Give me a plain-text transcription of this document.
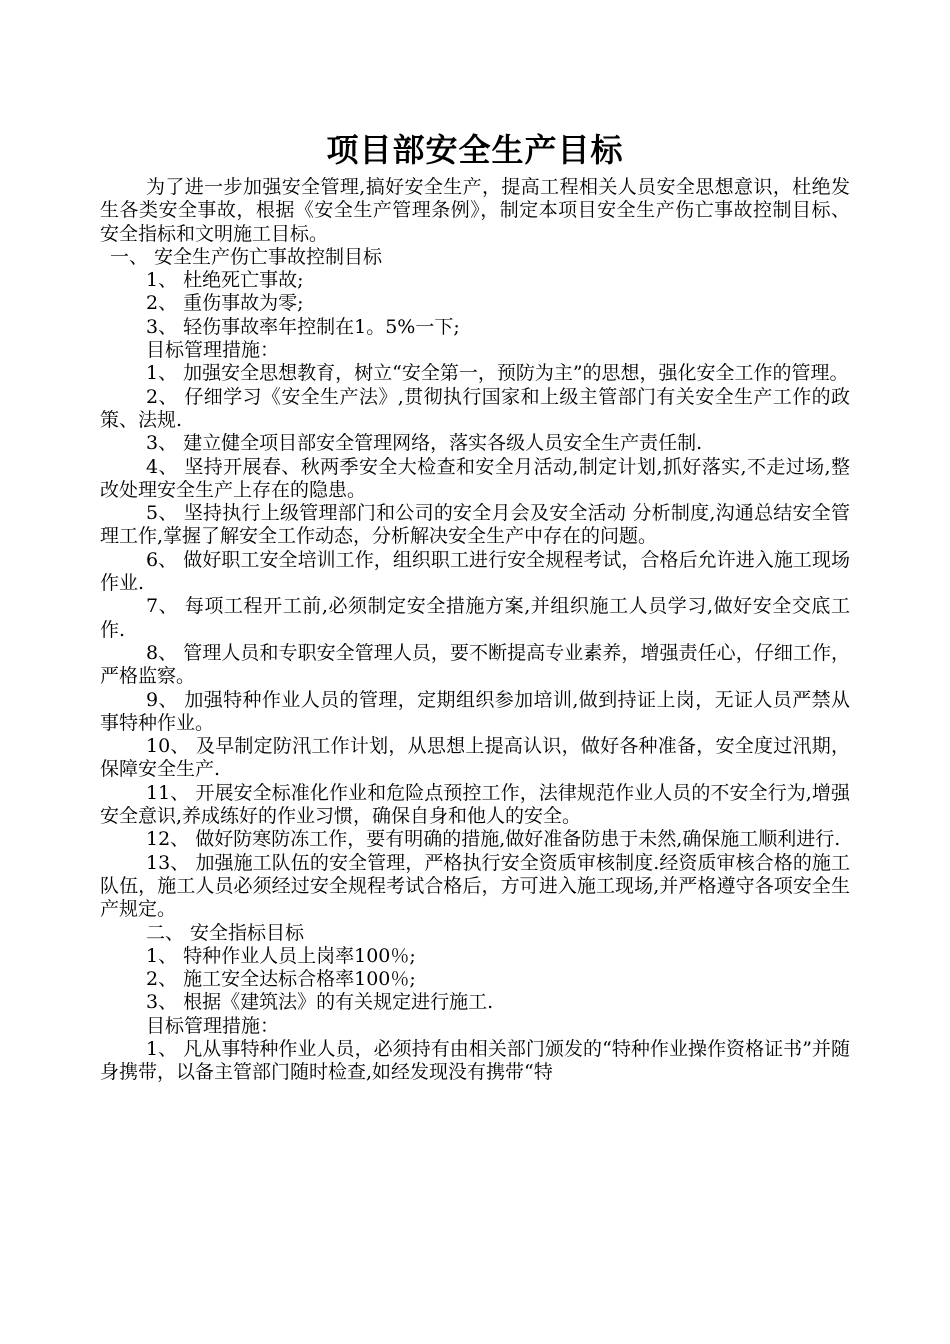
项目部安全生产目标

为了进一步加强安全管理,搞好安全生产，提高工程相关人员安全思想意识，杜绝发生各类安全事故，根据《安全生产管理条例》，制定本项目安全生产伤亡事故控制目标、安全指标和文明施工目标。

一、 安全生产伤亡事故控制目标

1、 杜绝死亡事故;

2、 重伤事故为零;

3、 轻伤事故率年控制在1。5%一下;

目标管理措施：

1、 加强安全思想教育，树立“安全第一，预防为主”的思想，强化安全工作的管理。

2、 仔细学习《安全生产法》,贯彻执行国家和上级主管部门有关安全生产工作的政策、法规.

3、 建立健全项目部安全管理网络，落实各级人员安全生产责任制.

4、 坚持开展春、秋两季安全大检查和安全月活动,制定计划,抓好落实,不走过场,整改处理安全生产上存在的隐患。

5、 坚持执行上级管理部门和公司的安全月会及安全活动 分析制度,沟通总结安全管理工作,掌握了解安全工作动态，分析解决安全生产中存在的问题。

6、 做好职工安全培训工作，组织职工进行安全规程考试，合格后允许进入施工现场作业.

7、 每项工程开工前,必须制定安全措施方案,并组织施工人员学习,做好安全交底工作.

8、 管理人员和专职安全管理人员，要不断提高专业素养，增强责任心，仔细工作，严格监察。

9、 加强特种作业人员的管理，定期组织参加培训,做到持证上岗，无证人员严禁从事特种作业。

10、 及早制定防汛工作计划，从思想上提高认识，做好各种准备，安全度过汛期，保障安全生产.

11、 开展安全标准化作业和危险点预控工作，法律规范作业人员的不安全行为,增强安全意识,养成练好的作业习惯，确保自身和他人的安全。

12、 做好防寒防冻工作，要有明确的措施,做好准备防患于未然,确保施工顺利进行.

13、 加强施工队伍的安全管理，严格执行安全资质审核制度.经资质审核合格的施工队伍，施工人员必须经过安全规程考试合格后，方可进入施工现场,并严格遵守各项安全生产规定。

二、 安全指标目标

1、 特种作业人员上岗率100％;

2、 施工安全达标合格率100％;

3、 根据《建筑法》的有关规定进行施工.

目标管理措施：

1、 凡从事特种作业人员，必须持有由相关部门颁发的“特种作业操作资格证书”并随身携带，以备主管部门随时检查,如经发现没有携带“特
